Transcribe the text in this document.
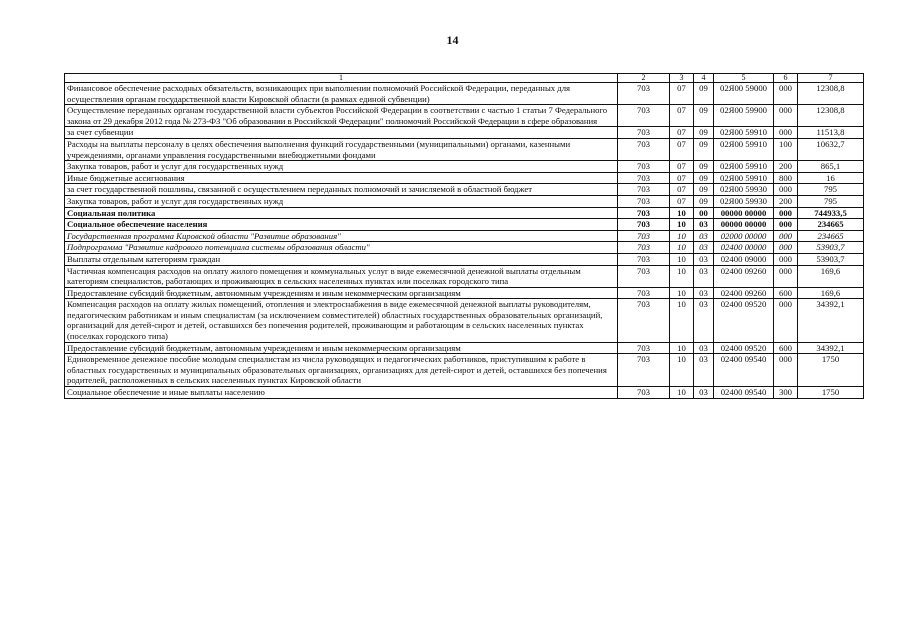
14
1	2	3	4	5	6	7
Финансовое обеспечение расходных обязательств, возникающих при выполнении полномочий Российской Федерации, переданных для осуществления органам государственной власти Кировской области (в рамках единой субвенции)	703	07	09	02Я00 59000	000	12308,8
Осуществление переданных органам государственной власти субъектов Российской Федерации в соответствии с частью 1 статьи 7 Федерального закона от 29 декабря 2012 года № 273-ФЗ "Об образовании в Российской Федерации" полномочий Российской Федерации в сфере образования	703	07	09	02Я00 59900	000	12308,8
за счет субвенции	703	07	09	02Я00 59910	000	11513,8
Расходы на выплаты персоналу в целях обеспечения выполнения функций государственными (муниципальными) органами, казенными учреждениями, органами управления государственными внебюджетными фондами	703	07	09	02Я00 59910	100	10632,7
Закупка товаров, работ и услуг для государственных нужд	703	07	09	02Я00 59910	200	865,1
Иные бюджетные ассигнования	703	07	09	02Я00 59910	800	16
за счет государственной пошлины, связанной с осуществлением переданных полномочий и зачисляемой в областной бюджет	703	07	09	02Я00 59930	000	795
Закупка товаров, работ и услуг для государственных нужд	703	07	09	02Я00 59930	200	795
Социальная политика	703	10	00	00000 00000	000	744933,5
Социальное обеспечение населения	703	10	03	00000 00000	000	234665
Государственная программа Кировской области "Развитие образования"	703	10	03	02000 00000	000	234665
Подпрограмма "Развитие кадрового потенциала системы образования области"	703	10	03	02400 00000	000	53903,7
Выплаты отдельным категориям граждан	703	10	03	02400 09000	000	53903,7
Частичная компенсация расходов на оплату жилого помещения и коммунальных услуг в виде ежемесячной денежной выплаты отдельным категориям специалистов, работающих и проживающих в сельских населенных пунктах или поселках городского типа	703	10	03	02400 09260	000	169,6
Предоставление субсидий бюджетным, автономным учреждениям и иным некоммерческим организациям	703	10	03	02400 09260	600	169,6
Компенсация расходов на оплату жилых помещений, отопления и электроснабжения в виде ежемесячной денежной выплаты руководителям, педагогическим работникам и иным специалистам (за исключением совместителей) областных государственных образовательных организаций, организаций для детей-сирот и детей, оставшихся без попечения родителей, проживающим и работающим в сельских населенных пунктах (поселках городского типа)	703	10	03	02400 09520	000	34392,1
Предоставление субсидий бюджетным, автономным учреждениям и иным некоммерческим организациям	703	10	03	02400 09520	600	34392,1
Единовременное денежное пособие молодым специалистам из числа руководящих и педагогических работников, приступившим к работе в областных государственных и муниципальных образовательных организациях, организациях для детей-сирот и детей, оставшихся без попечения родителей, расположенных в сельских населенных пунктах Кировской области	703	10	03	02400 09540	000	1750
Социальное обеспечение и иные выплаты населению	703	10	03	02400 09540	300	1750
